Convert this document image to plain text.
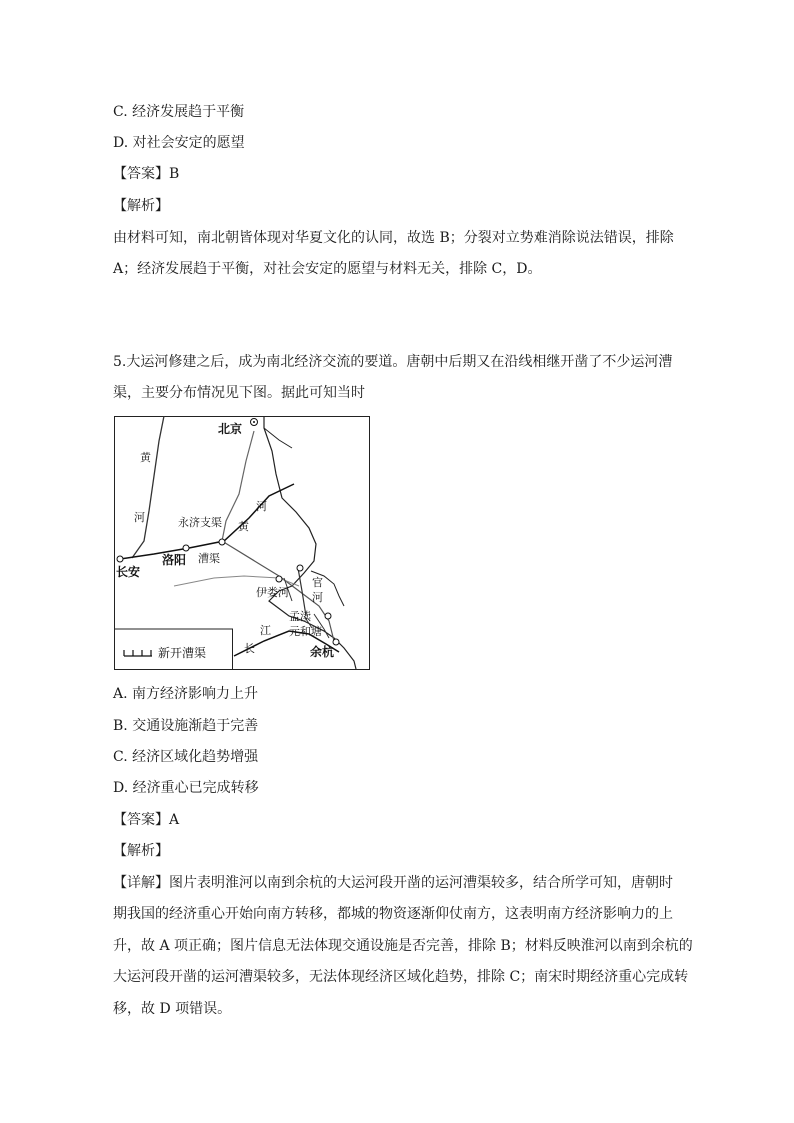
C. 经济发展趋于平衡
D. 对社会安定的愿望
【答案】B
【解析】
由材料可知，南北朝皆体现对华夏文化的认同，故选 B；分裂对立势难消除说法错误，排除
A；经济发展趋于平衡，对社会安定的愿望与材料无关，排除 C，D。
5.大运河修建之后，成为南北经济交流的要道。唐朝中后期又在沿线相继开凿了不少运河漕
渠，主要分布情况见下图。据此可知当时
北京
洛阳
长安
余杭
永济支渠
漕渠
伊娄河
孟渎
元和塘
黄
河
河
黄
江
长
官
河
新开漕渠
A. 南方经济影响力上升
B. 交通设施渐趋于完善
C. 经济区域化趋势增强
D. 经济重心已完成转移
【答案】A
【解析】
【详解】图片表明淮河以南到余杭的大运河段开凿的运河漕渠较多，结合所学可知，唐朝时
期我国的经济重心开始向南方转移，都城的物资逐渐仰仗南方，这表明南方经济影响力的上
升，故 A 项正确；图片信息无法体现交通设施是否完善，排除 B；材料反映淮河以南到余杭的
大运河段开凿的运河漕渠较多，无法体现经济区域化趋势，排除 C；南宋时期经济重心完成转
移，故 D 项错误。
